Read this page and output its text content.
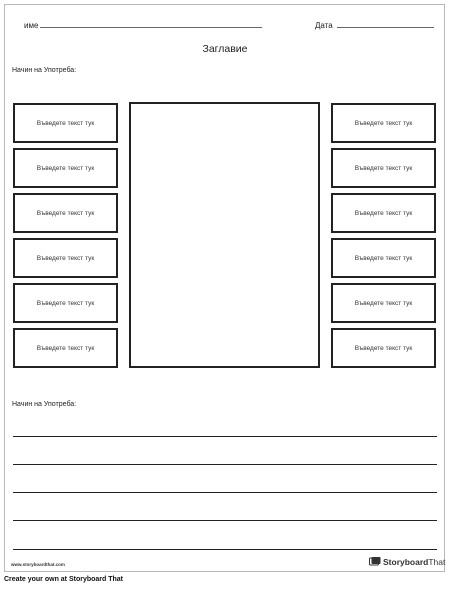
име	Дата
Заглавие
Начин на Употреба:
Въведете текст тук
Въведете текст тук
Въведете текст тук
Въведете текст тук
Въведете текст тук
Въведете текст тук
Въведете текст тук
Въведете текст тук
Въведете текст тук
Въведете текст тук
Въведете текст тук
Въведете текст тук
Начин на Употреба:
www.storyboardthat.com	StoryboardThat
Create your own at Storyboard That
